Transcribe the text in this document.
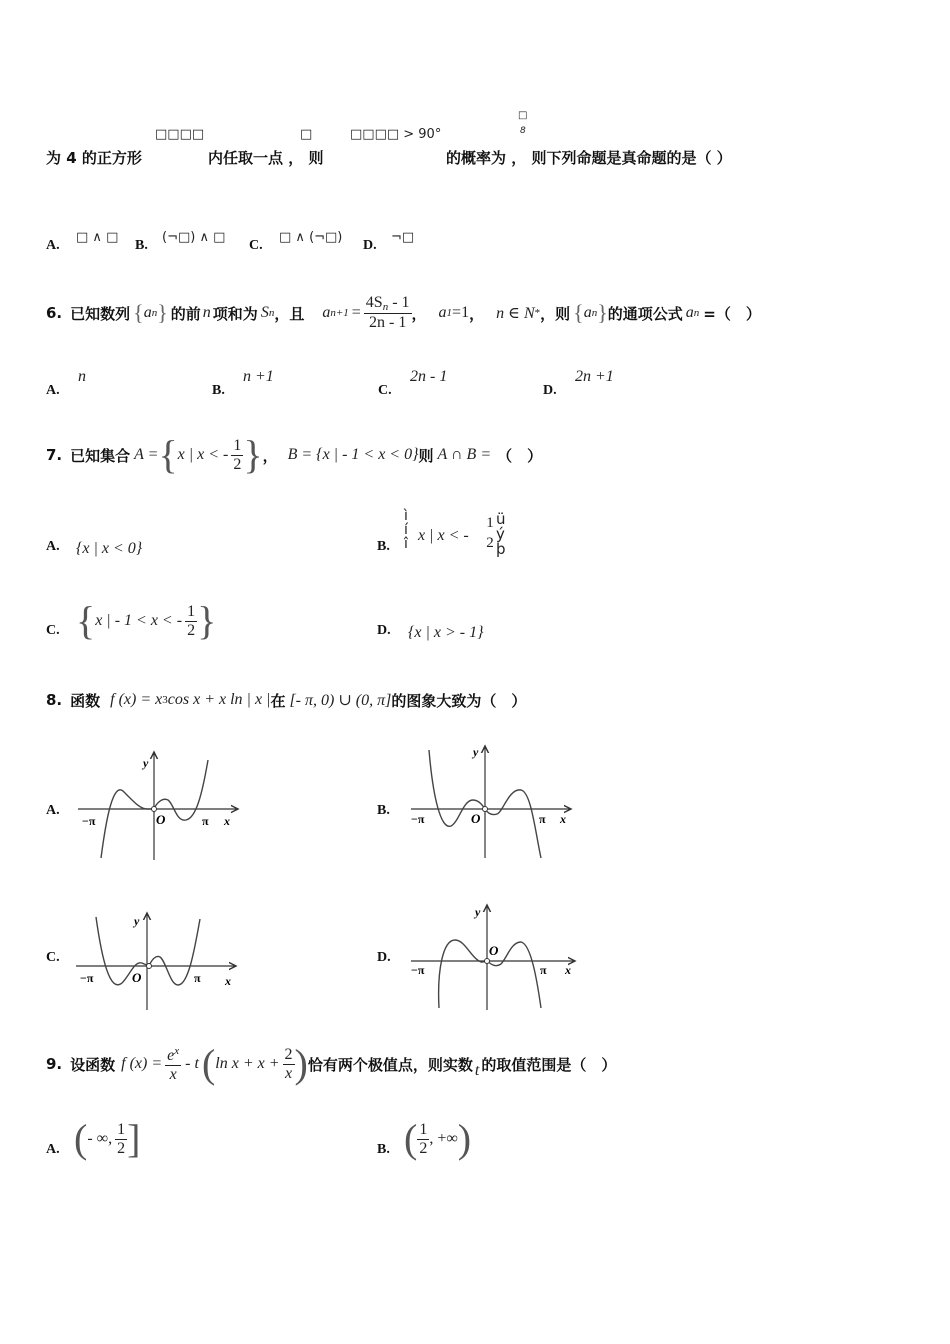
□□□□	□	□□□□ > 90°
□
8
为 4 的正方形	内任取一点 ， 则	的概率为 ， 则下列命题是真命题的是（ ）
A.
□ ∧ □
B.
(¬□) ∧ □
C.
□ ∧ (¬□)
D.
¬□
6. 已知数列 { a n } 的前 n 项和为 S n ，且 a $n+1 = \frac{4Sn - 1}{2n - 1}$ ， a 1 =1 ， n ∈ N * ，则 { a n } 的通项公式 a n =（　）
A.
n
B.
n +1
C.
2n - 1
D.
2n +1
7. 已知集合 A = { x | x < - $\frac{1}{2}$ } ， B = {x | - 1 < x < 0} 则 A ∩ B = （　）
A. {x | x < 0}	B.
ì
í
î x | x < -
1
2
ü
ý
þ
C. { x | - 1 < x < - $\frac{1}{2}$ }	D. {x | x > - 1}
8. 函数 f (x) = x 3 cos x + x ln | x | 在 [- π, 0) ∪ (0, π] 的图象大致为（　）
A.
y
O
−π	π x
B.
y
O
−π	π x
C.
y
O
−π	π x
D.
y
O
−π	π x
9. 设函数 f $(x) = \frac{e^x}{x} - t$ ( $\ln x + x + \frac{2}{x}$ ) 恰有两个极值点，则实数 t 的取值范围是（　）
A. ( - ∞, $\frac{1}{2}$ ]	B. ( $\frac{1}{2}$ , +∞ )
